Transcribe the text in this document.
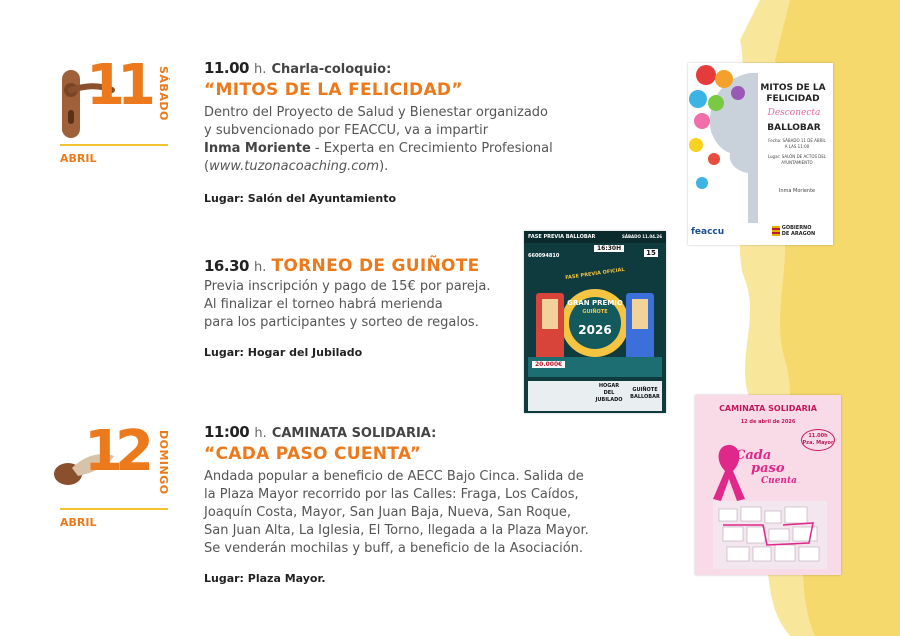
11 SÁBADO
ABRIL
11.00 h. Charla-coloquio:
“MITOS DE LA FELICIDAD”
Dentro del Proyecto de Salud y Bienestar organizado
y subvencionado por FEACCU, va a impartir
Inma Moriente - Experta en Crecimiento Profesional
(www.tuzonacoaching.com).
Lugar: Salón del Ayuntamiento
16.30 h. TORNEO DE GUIÑOTE
Previa inscripción y pago de 15€ por pareja.
Al finalizar el torneo habrá merienda
para los participantes y sorteo de regalos.
Lugar: Hogar del Jubilado
12 DOMINGO
ABRIL
11:00 h. CAMINATA SOLIDARIA:
“CADA PASO CUENTA”
Andada popular a beneficio de AECC Bajo Cinca. Salida de
la Plaza Mayor recorrido por las Calles: Fraga, Los Caídos,
Joaquín Costa, Mayor, San Juan Baja, Nueva, San Roque,
San Juan Alta, La Iglesia, El Torno, llegada a la Plaza Mayor.
Se venderán mochilas y buff, a beneficio de la Asociación.
Lugar: Plaza Mayor.
MITOS DE LA
FELICIDAD
Desconecta
BALLOBAR
Fecha: SÁBADO 11 DE ABRIL
A LAS 11:00
Lugar: SALÓN DE ACTOS DEL
AYUNTAMIENTO
Inma Moriente
feaccu	GOBIERNO
DE ARAGON
FASE PREVIA BALLOBAR	SÁBADO 11.04.26
16:30H
15
660094810
FASE PREVIA OFICIAL
GRAN PREMIO
GUIÑOTE
2026
20.000€
HOGAR
DEL
JUBILADO
GUIÑOTE
BALLOBAR
CAMINATA SOLIDARIA
12 de abril de 2026
11.00h
Pza. Mayor
Cada
paso
Cuenta
